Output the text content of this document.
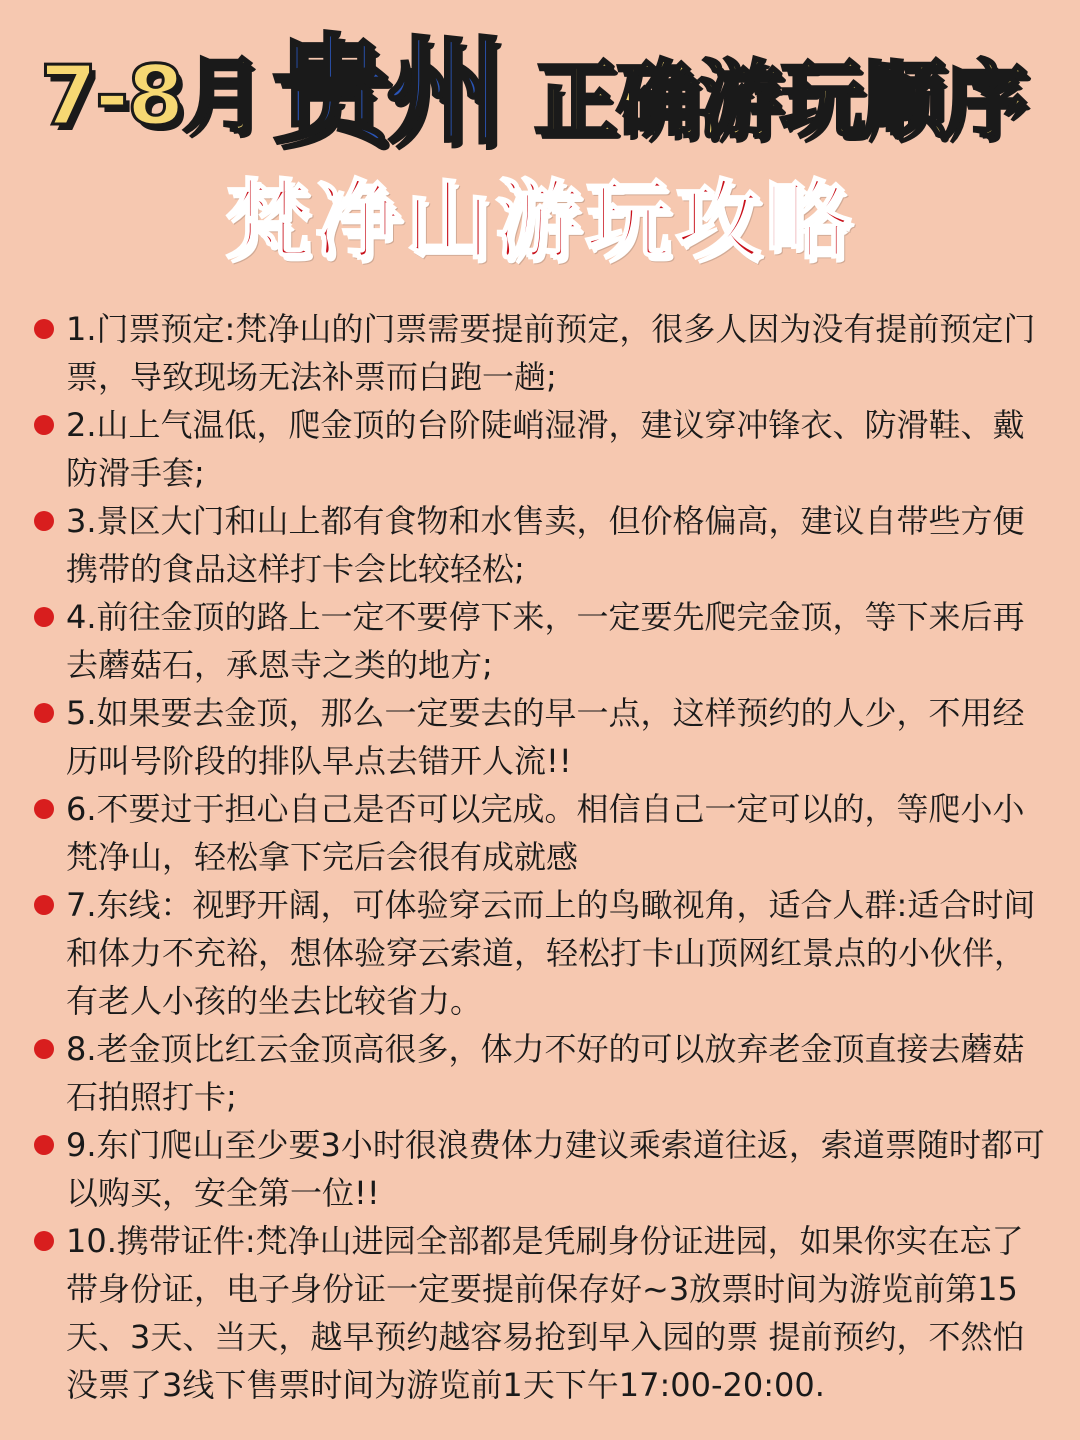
7-8月 贵州 正确游玩顺序
梵净山游玩攻略
1.门票预定:梵净山的门票需要提前预定，很多人因为没有提前预定门票，导致现场无法补票而白跑一趟;
2.山上气温低，爬金顶的台阶陡峭湿滑，建议穿冲锋衣、防滑鞋、戴防滑手套;
3.景区大门和山上都有食物和水售卖，但价格偏高，建议自带些方便携带的食品这样打卡会比较轻松;
4.前往金顶的路上一定不要停下来，一定要先爬完金顶，等下来后再去蘑菇石，承恩寺之类的地方;
5.如果要去金顶，那么一定要去的早一点，这样预约的人少，不用经历叫号阶段的排队早点去错开人流!!
6.不要过于担心自己是否可以完成。相信自己一定可以的，等爬小小梵净山，轻松拿下完后会很有成就感
7.东线：视野开阔，可体验穿云而上的鸟瞰视角，适合人群:适合时间和体力不充裕，想体验穿云索道，轻松打卡山顶网红景点的小伙伴，有老人小孩的坐去比较省力。
8.老金顶比红云金顶高很多，体力不好的可以放弃老金顶直接去蘑菇石拍照打卡;
9.东门爬山至少要3小时很浪费体力建议乘索道往返，索道票随时都可以购买，安全第一位!!
10.携带证件:梵净山进园全部都是凭刷身份证进园，如果你实在忘了带身份证，电子身份证一定要提前保存好~3放票时间为游览前第15天、3天、当天，越早预约越容易抢到早入园的票 提前预约，不然怕没票了3线下售票时间为游览前1天下午17:00-20:00.
